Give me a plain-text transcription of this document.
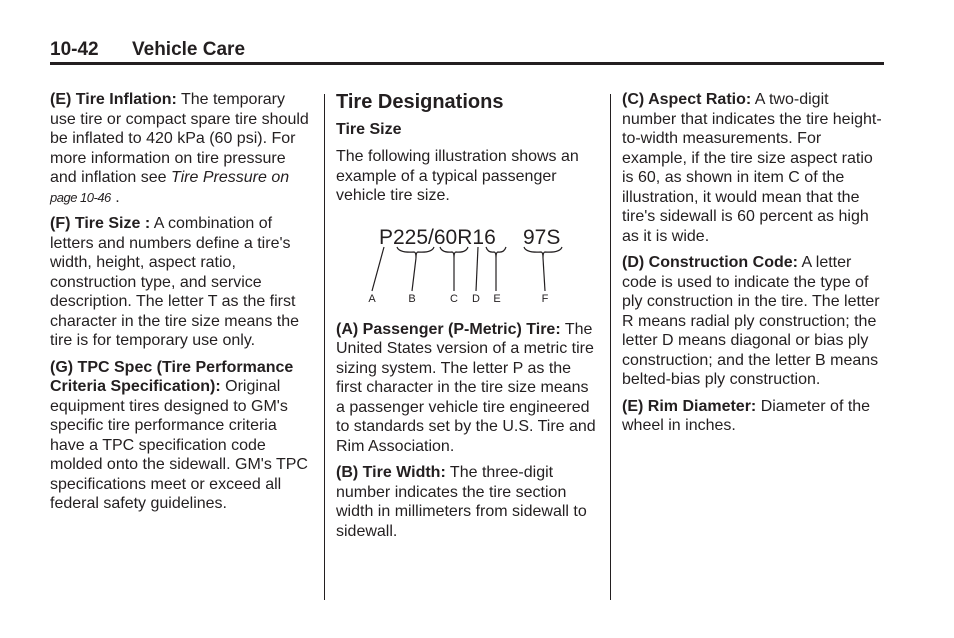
10-42 Vehicle Care

(E) Tire Inflation: The temporary use tire or compact spare tire should be inflated to 420 kPa (60 psi). For more information on tire pressure and inflation see Tire Pressure on
page 10-46 .

(F) Tire Size : A combination of letters and numbers define a tire's width, height, aspect ratio, construction type, and service description. The letter T as the first character in the tire size means the tire is for temporary use only.

(G) TPC Spec (Tire Performance Criteria Specification): Original equipment tires designed to GM's specific tire performance criteria have a TPC specification code molded onto the sidewall. GM's TPC specifications meet or exceed all federal safety guidelines.

Tire Designations
Tire Size

The following illustration shows an example of a typical passenger vehicle tire size.

P225/60R16 97S
A	B	C D E	F

(A) Passenger (P-Metric) Tire: The United States version of a metric tire sizing system. The letter P as the first character in the tire size means a passenger vehicle tire engineered to standards set by the U.S. Tire and Rim Association.

(B) Tire Width: The three-digit number indicates the tire section width in millimeters from sidewall to sidewall.

(C) Aspect Ratio: A two-digit number that indicates the tire height-to-width measurements. For example, if the tire size aspect ratio is 60, as shown in item C of the illustration, it would mean that the tire's sidewall is 60 percent as high as it is wide.

(D) Construction Code: A letter code is used to indicate the type of ply construction in the tire. The letter R means radial ply construction; the letter D means diagonal or bias ply construction; and the letter B means belted-bias ply construction.

(E) Rim Diameter: Diameter of the wheel in inches.
